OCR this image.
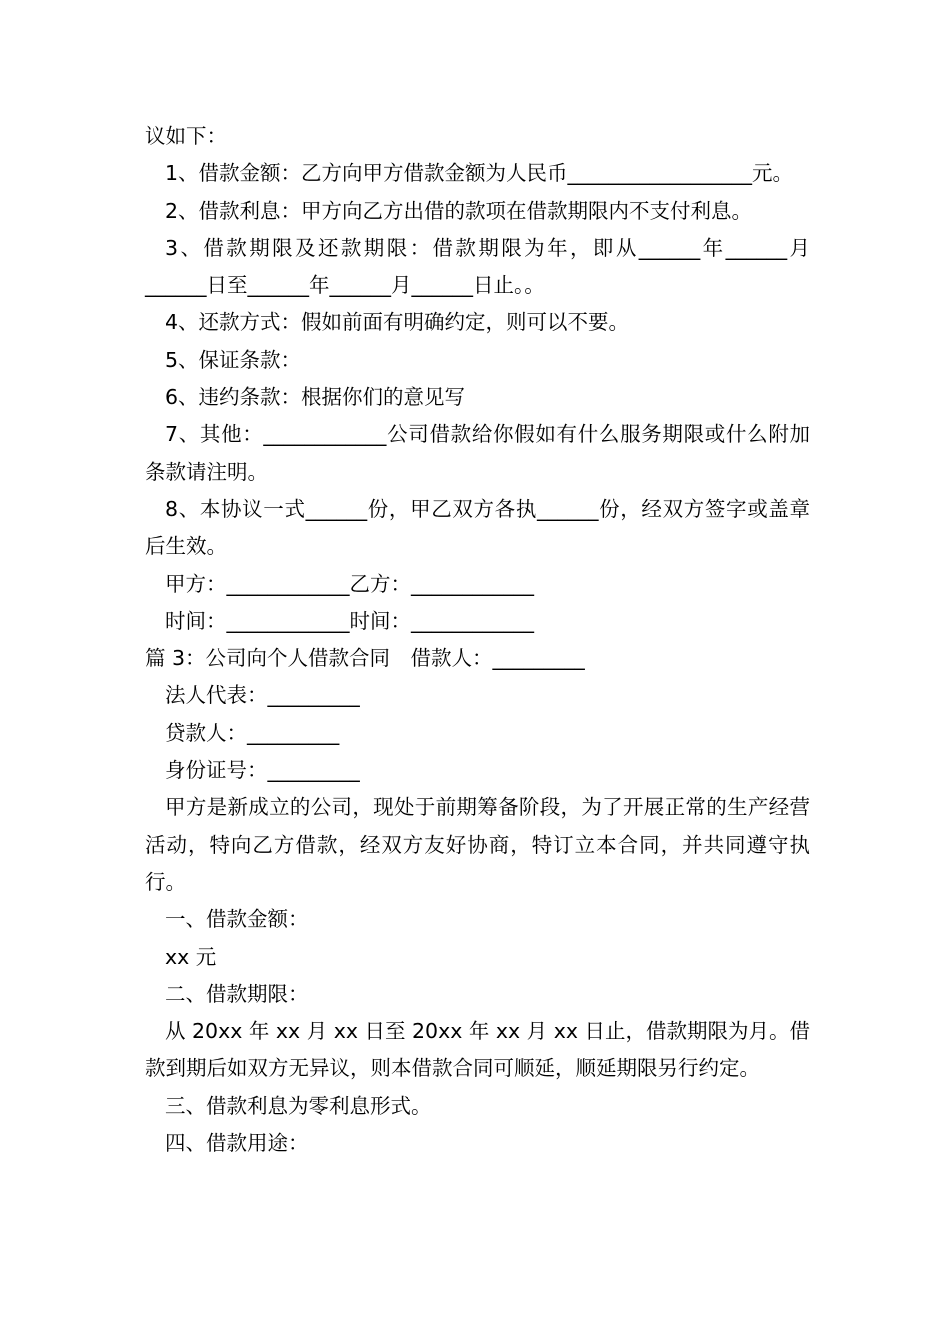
议如下：

1、借款金额：乙方向甲方借款金额为人民币__________________元。

2、借款利息：甲方向乙方出借的款项在借款期限内不支付利息。

3、借款期限及还款期限：借款期限为年，即从______年______月______日至______年______月______日止。。

4、还款方式：假如前面有明确约定，则可以不要。

5、保证条款：

6、违约条款：根据你们的意见写

7、其他：____________公司借款给你假如有什么服务期限或什么附加条款请注明。

8、本协议一式______份，甲乙双方各执______份，经双方签字或盖章后生效。

甲方：____________乙方：____________

时间：____________时间：____________

篇 3：公司向个人借款合同　借款人：_________

法人代表：_________

贷款人：_________

身份证号：_________

甲方是新成立的公司，现处于前期筹备阶段，为了开展正常的生产经营活动，特向乙方借款，经双方友好协商，特订立本合同，并共同遵守执行。

一、借款金额：

xx 元

二、借款期限：

从 20xx 年 xx 月 xx 日至 20xx 年 xx 月 xx 日止，借款期限为月。借款到期后如双方无异议，则本借款合同可顺延，顺延期限另行约定。

三、借款利息为零利息形式。

四、借款用途：
